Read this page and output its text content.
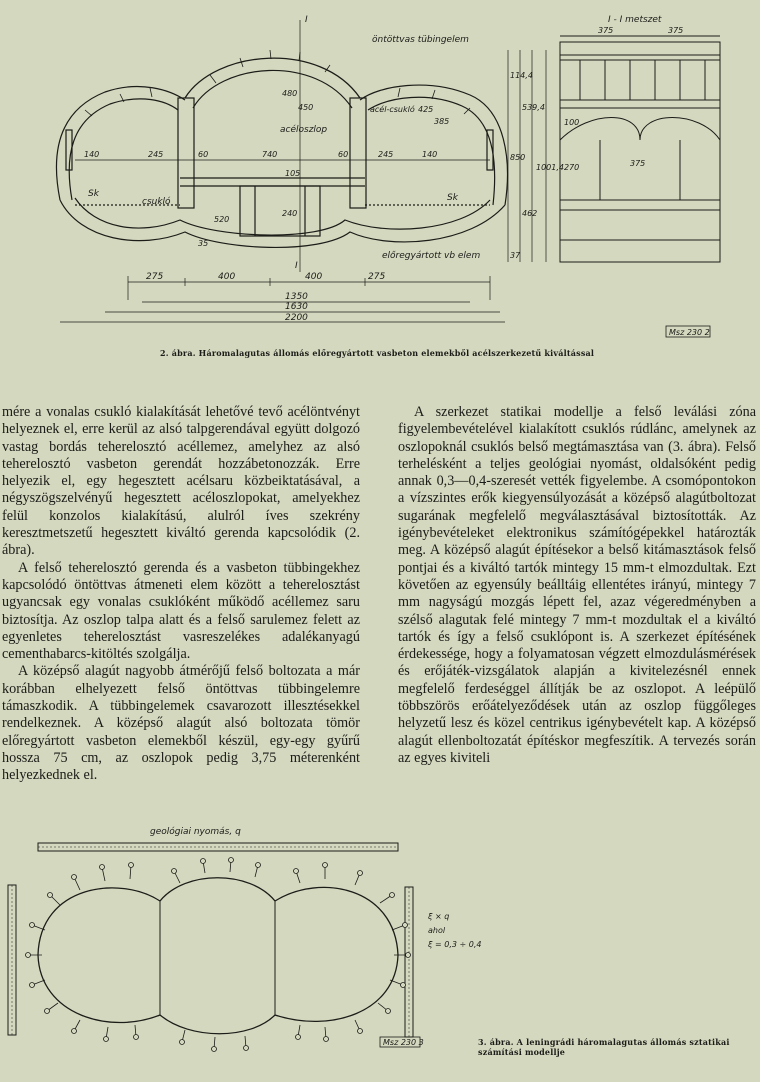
I
I
I - I metszet
öntöttvas tübingelem
acél-csukló
acéloszlop
előregyártott vb elem
csukló
Sk	Sk
275	400	400	275
1350
1630
2200
140	245	60	740	60	245	140
480
450	425
385
520
35
105
240
114,4
539,4
850
1001,4
462
37
375	375
100
270	375
Msz 230 2
2. ábra. Háromalagutas állomás előregyártott vasbeton elemekből acélszerkezetű kiváltással

mére a vonalas csukló kialakítását lehetővé tevő acélöntvényt helyeznek el, erre kerül az alsó talpgerendával együtt dolgozó vastag bordás teherelosztó acéllemez, amelyhez az alsó teherelosztó vasbeton gerendát hozzábetonozzák. Erre helyezik el, egy hegesztett acélsaru közbeiktatásával, a négyszögszelvényű hegesztett acéloszlopokat, amelyekhez felül konzolos kialakítású, alulról íves szekrény keresztmetszetű hegesztett kiváltó gerenda kapcsolódik (2. ábra).

A felső teherelosztó gerenda és a vasbeton tübbingekhez kapcsolódó öntöttvas átmeneti elem között a teherelosztást ugyancsak egy vonalas csuklóként működő acéllemez saru biztosítja. Az oszlop talpa alatt és a felső sarulemez felett az egyenletes teherelosztást vasreszelékes adalékanyagú cementhabarcs-kitöltés szolgálja.

A középső alagút nagyobb átmérőjű felső boltozata a már korábban elhelyezett felső öntöttvas tübbingelemre támaszkodik. A tübbingelemek csavarozott illesztésekkel rendelkeznek. A középső alagút alsó boltozata tömör előregyártott vasbeton elemekből készül, egy-egy gyűrű hossza 75 cm, az oszlopok pedig 3,75 méterenként helyezkednek el.

A szerkezet statikai modellje a felső leválási zóna figyelembevételével kialakított csuklós rúdlánc, amelynek az oszlopoknál csuklós belső megtámasztása van (3. ábra). Felső terhelésként a teljes geológiai nyomást, oldalsóként pedig annak 0,3—0,4-szeresét vették figyelembe. A csomópontokon a vízszintes erők kiegyensúlyozását a középső alagútboltozat sugarának megfelelő megválasztásával biztosították. Az igénybevételeket elektronikus számítógépekkel határozták meg. A középső alagút építésekor a belső kitámasztások felső pontjai és a kiváltó tartók mintegy 15 mm-t elmozdultak. Ezt követően az egyensúly beálltáig ellentétes irányú, mintegy 7 mm nagyságú mozgás lépett fel, azaz végeredményben a szélső alagutak felé mintegy 7 mm-t mozdultak el a kiváltó tartók és így a felső csuklópont is. A szerkezet építésének érdekessége, hogy a folyamatosan végzett elmozdulásmérések és erőjáték-vizsgálatok alapján a kivitelezésnél ennek megfelelő ferdeséggel állítják be az oszlopot. A leépülő többszörös erőátelyeződések után az oszlop függőleges helyzetű lesz és közel centrikus igénybevételt kap. A középső alagút ellenboltozatát építéskor megfeszítik. A tervezés során az egyes kiviteli

geológiai nyomás, q
ξ × q
ahol
ξ = 0,3 ÷ 0,4
Msz 230 3	3. ábra. A leningrádi háromalagutas állomás sztatikai számítási modellje
